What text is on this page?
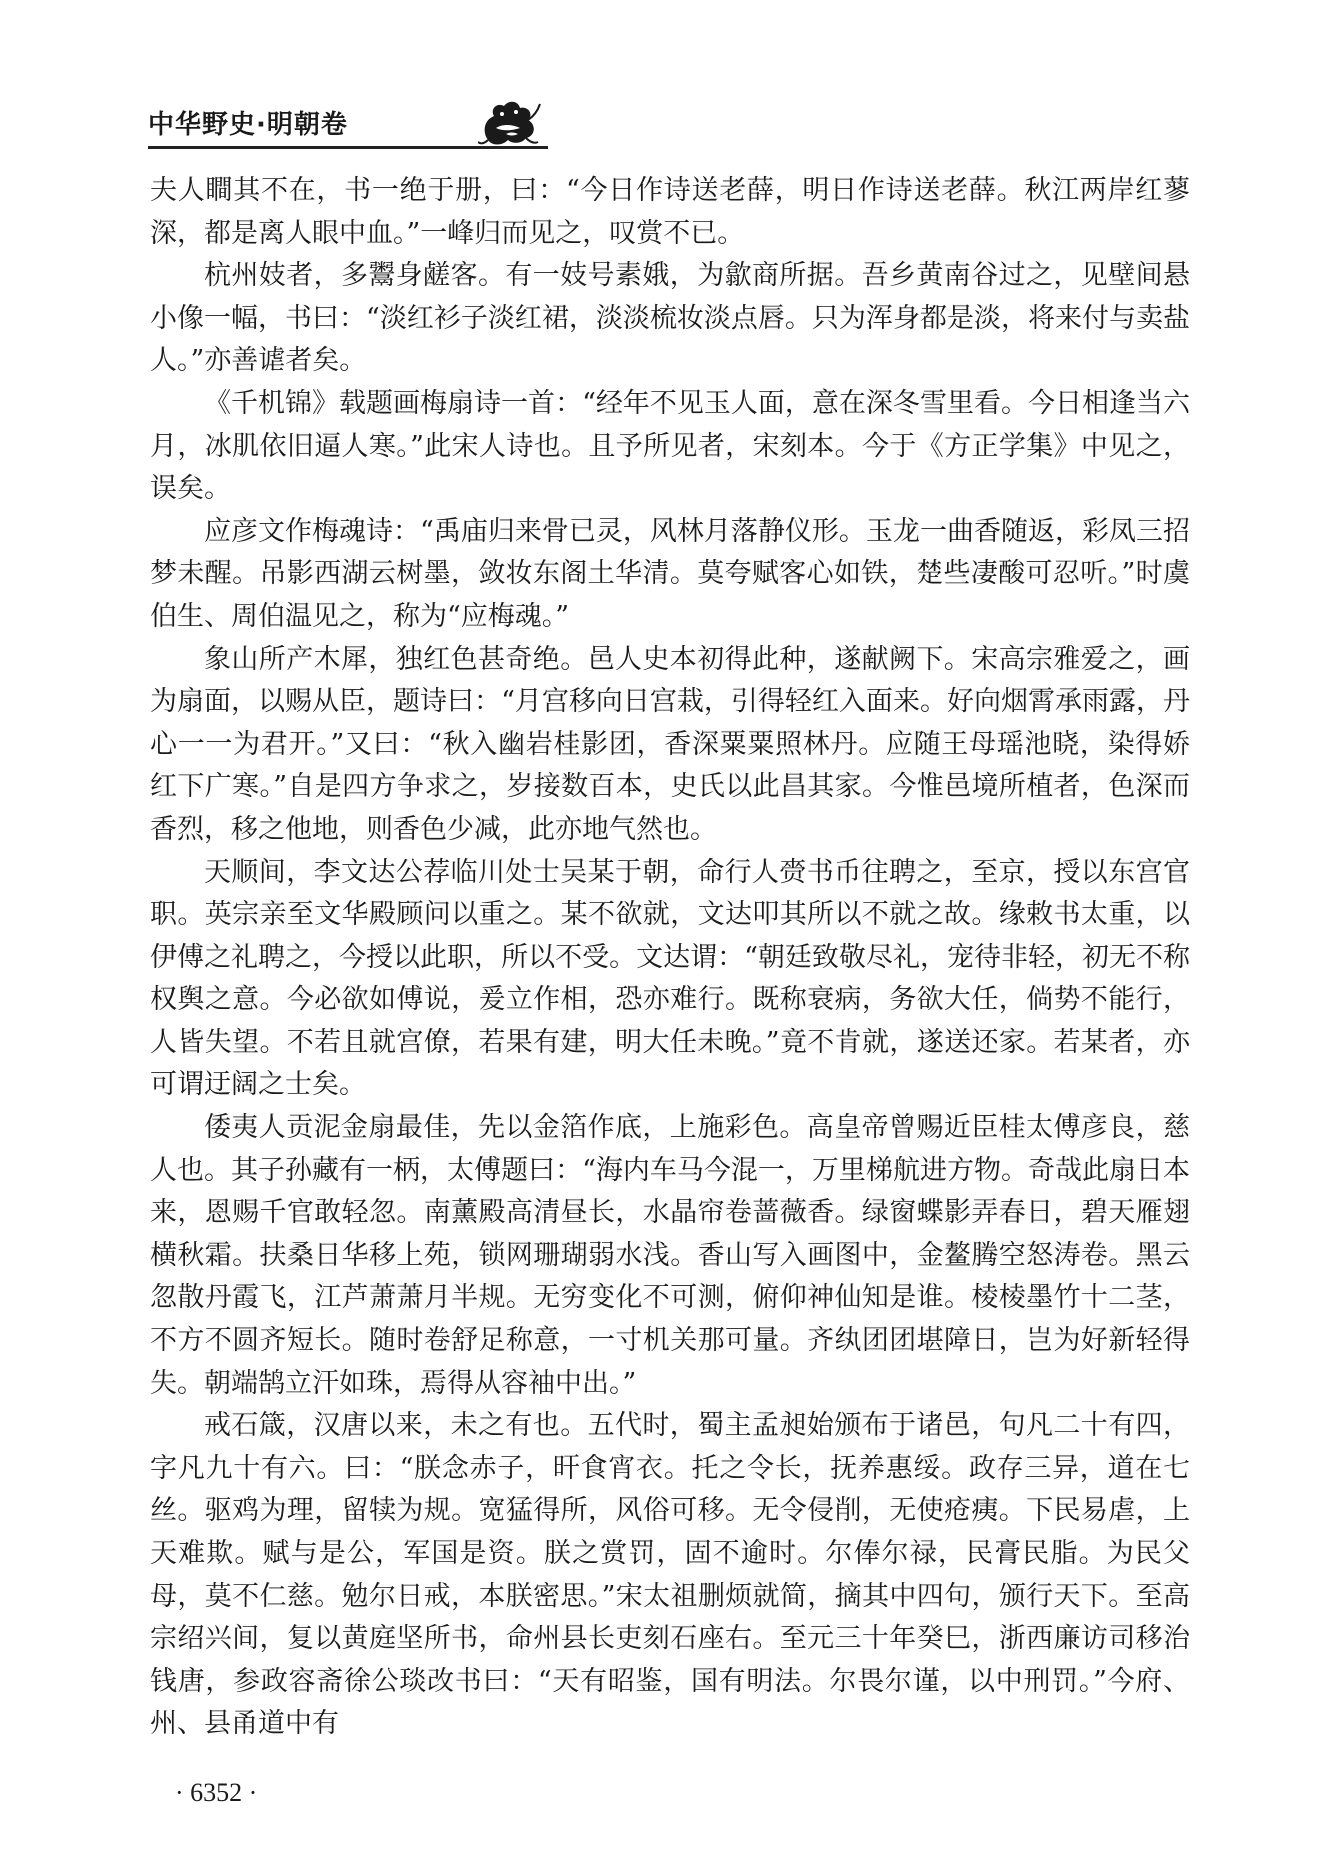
中华野史·明朝卷

夫人瞷其不在，书一绝于册，曰：“今日作诗送老薛，明日作诗送老薛。秋江两岸红蓼深，都是离人眼中血。”一峰归而见之，叹赏不已。

杭州妓者，多鬻身鹾客。有一妓号素娥，为歙商所据。吾乡黄南谷过之，见壁间悬小像一幅，书曰：“淡红衫子淡红裙，淡淡梳妆淡点唇。只为浑身都是淡，将来付与卖盐人。”亦善谑者矣。

《千机锦》载题画梅扇诗一首：“经年不见玉人面，意在深冬雪里看。今日相逢当六月，冰肌依旧逼人寒。”此宋人诗也。且予所见者，宋刻本。今于《方正学集》中见之，误矣。

应彦文作梅魂诗：“禹庙归来骨已灵，风林月落静仪形。玉龙一曲香随返，彩凤三招梦未醒。吊影西湖云树墨，敛妆东阁土华清。莫夸赋客心如铁，楚些凄酸可忍听。”时虞伯生、周伯温见之，称为“应梅魂。”

象山所产木犀，独红色甚奇绝。邑人史本初得此种，遂献阙下。宋高宗雅爱之，画为扇面，以赐从臣，题诗曰：“月宫移向日宫栽，引得轻红入面来。好向烟霄承雨露，丹心一一为君开。”又曰：“秋入幽岩桂影团，香深粟粟照林丹。应随王母瑶池晓，染得娇红下广寒。”自是四方争求之，岁接数百本，史氏以此昌其家。今惟邑境所植者，色深而香烈，移之他地，则香色少减，此亦地气然也。

天顺间，李文达公荐临川处士吴某于朝，命行人赍书币往聘之，至京，授以东宫官职。英宗亲至文华殿顾问以重之。某不欲就，文达叩其所以不就之故。缘敕书太重，以伊傅之礼聘之，今授以此职，所以不受。文达谓：“朝廷致敬尽礼，宠待非轻，初无不称权舆之意。今必欲如傅说，爰立作相，恐亦难行。既称衰病，务欲大任，倘势不能行，人皆失望。不若且就宫僚，若果有建，明大任未晚。”竟不肯就，遂送还家。若某者，亦可谓迂阔之士矣。

倭夷人贡泥金扇最佳，先以金箔作底，上施彩色。高皇帝曾赐近臣桂太傅彦良，慈人也。其子孙藏有一柄，太傅题曰：“海内车马今混一，万里梯航进方物。奇哉此扇日本来，恩赐千官敢轻忽。南薰殿高清昼长，水晶帘卷蔷薇香。绿窗蝶影弄春日，碧天雁翅横秋霜。扶桑日华移上苑，锁网珊瑚弱水浅。香山写入画图中，金鳌腾空怒涛卷。黑云忽散丹霞飞，江芦萧萧月半规。无穷变化不可测，俯仰神仙知是谁。棱棱墨竹十二茎，不方不圆齐短长。随时卷舒足称意，一寸机关那可量。齐纨团团堪障日，岂为好新轻得失。朝端鹄立汗如珠，焉得从容袖中出。”

戒石箴，汉唐以来，未之有也。五代时，蜀主孟昶始颁布于诸邑，句凡二十有四，字凡九十有六。曰：“朕念赤子，旰食宵衣。托之令长，抚养惠绥。政存三异，道在七丝。驱鸡为理，留犊为规。宽猛得所，风俗可移。无令侵削，无使疮痍。下民易虐，上天难欺。赋与是公，军国是资。朕之赏罚，固不逾时。尔俸尔禄，民膏民脂。为民父母，莫不仁慈。勉尔日戒，本朕密思。”宋太祖删烦就简，摘其中四句，颁行天下。至高宗绍兴间，复以黄庭坚所书，命州县长吏刻石座右。至元三十年癸巳，浙西廉访司移治钱唐，参政容斋徐公琰改书曰：“天有昭鉴，国有明法。尔畏尔谨，以中刑罚。”今府、州、县甬道中有

· 6352 ·
